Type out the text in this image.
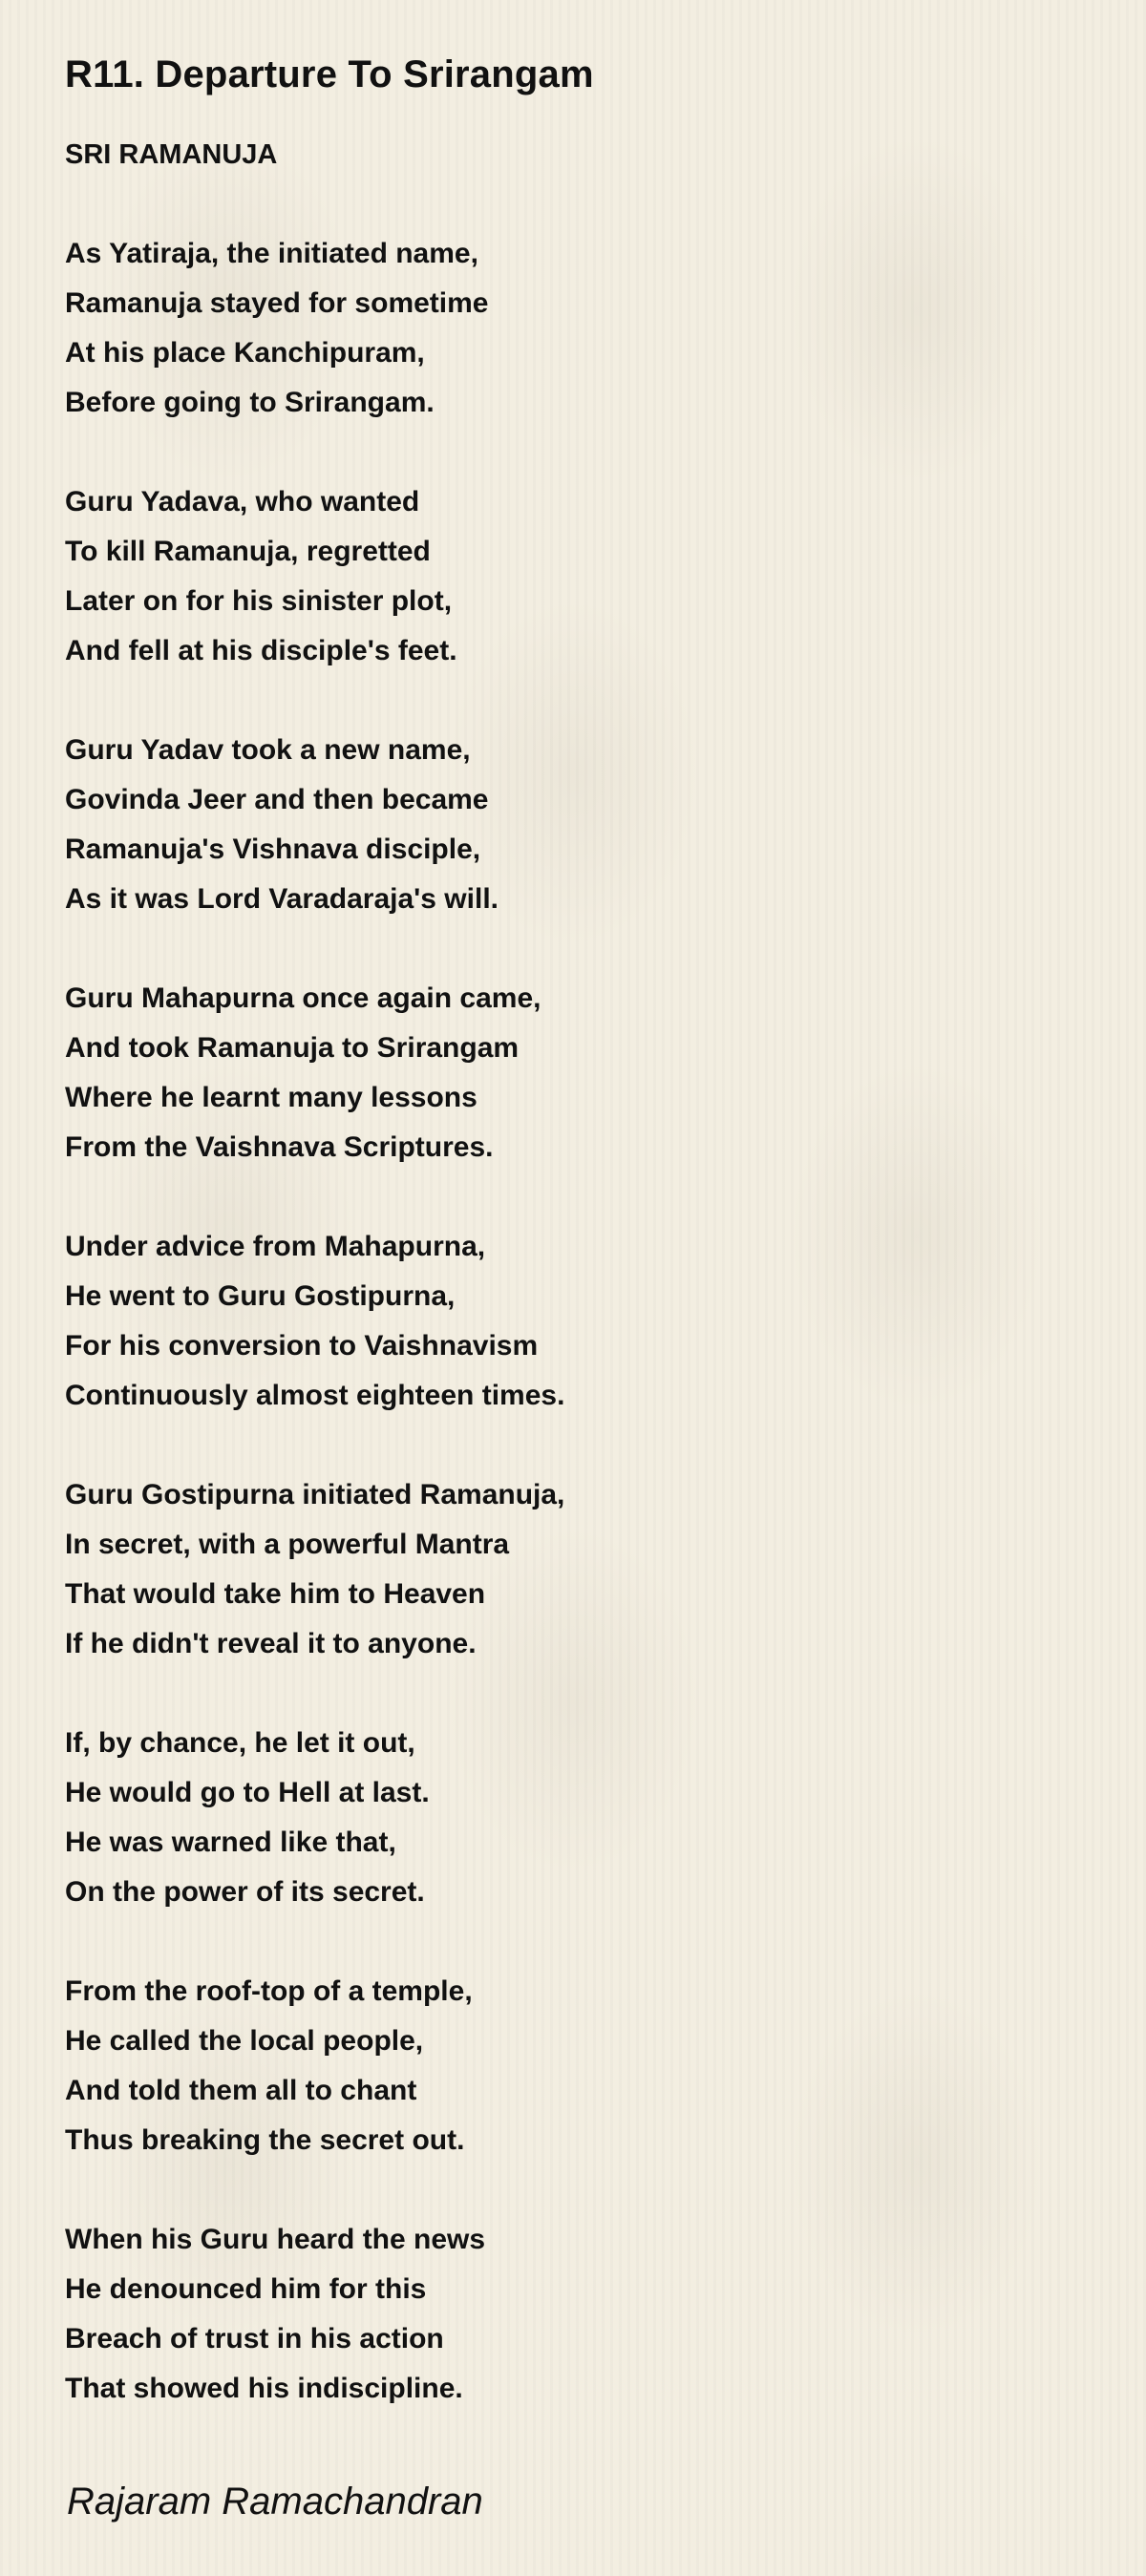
R11. Departure To Srirangam
SRI RAMANUJA
As Yatiraja, the initiated name,
Ramanuja stayed for sometime
At his place Kanchipuram,
Before going to Srirangam.
Guru Yadava, who wanted
To kill Ramanuja, regretted
Later on for his sinister plot,
And fell at his disciple's feet.
Guru Yadav took a new name,
Govinda Jeer and then became
Ramanuja's Vishnava disciple,
As it was Lord Varadaraja's will.
Guru Mahapurna once again came,
And took Ramanuja to Srirangam
Where he learnt many lessons
From the Vaishnava Scriptures.
Under advice from Mahapurna,
He went to Guru Gostipurna,
For his conversion to Vaishnavism
Continuously almost eighteen times.
Guru Gostipurna initiated Ramanuja,
In secret, with a powerful Mantra
That would take him to Heaven
If he didn't reveal it to anyone.
If, by chance, he let it out,
He would go to Hell at last.
He was warned like that,
On the power of its secret.
From the roof-top of a temple,
He called the local people,
And told them all to chant
Thus breaking the secret out.
When his Guru heard the news
He denounced him for this
Breach of trust in his action
That showed his indiscipline.
Rajaram Ramachandran
